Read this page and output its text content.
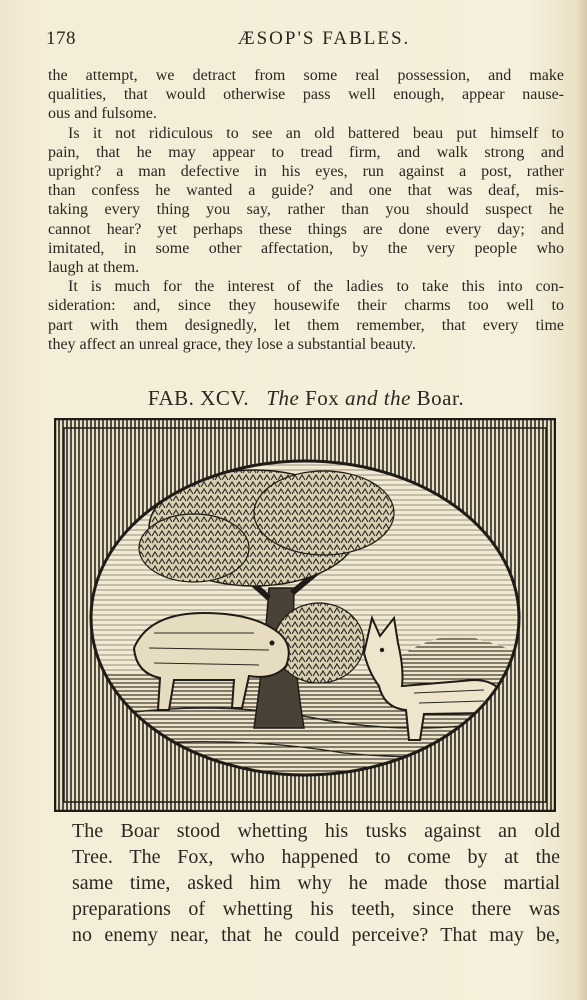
178	ÆSOP'S FABLES.

the attempt, we detract from some real possession, and make
qualities, that would otherwise pass well enough, appear nause-
ous and fulsome.

Is it not ridiculous to see an old battered beau put himself to
pain, that he may appear to tread firm, and walk strong and
upright? a man defective in his eyes, run against a post, rather
than confess he wanted a guide? and one that was deaf, mis-
taking every thing you say, rather than you should suspect he
cannot hear? yet perhaps these things are done every day; and
imitated, in some other affectation, by the very people who
laugh at them.

It is much for the interest of the ladies to take this into con-
sideration: and, since they housewife their charms too well to
part with them designedly, let them remember, that every time
they affect an unreal grace, they lose a substantial beauty.

FAB. XCV. The Fox and the Boar.

The Boar stood whetting his tusks against an old
Tree. The Fox, who happened to come by at the
same time, asked him why he made those martial
preparations of whetting his teeth, since there was
no enemy near, that he could perceive? That may be,
